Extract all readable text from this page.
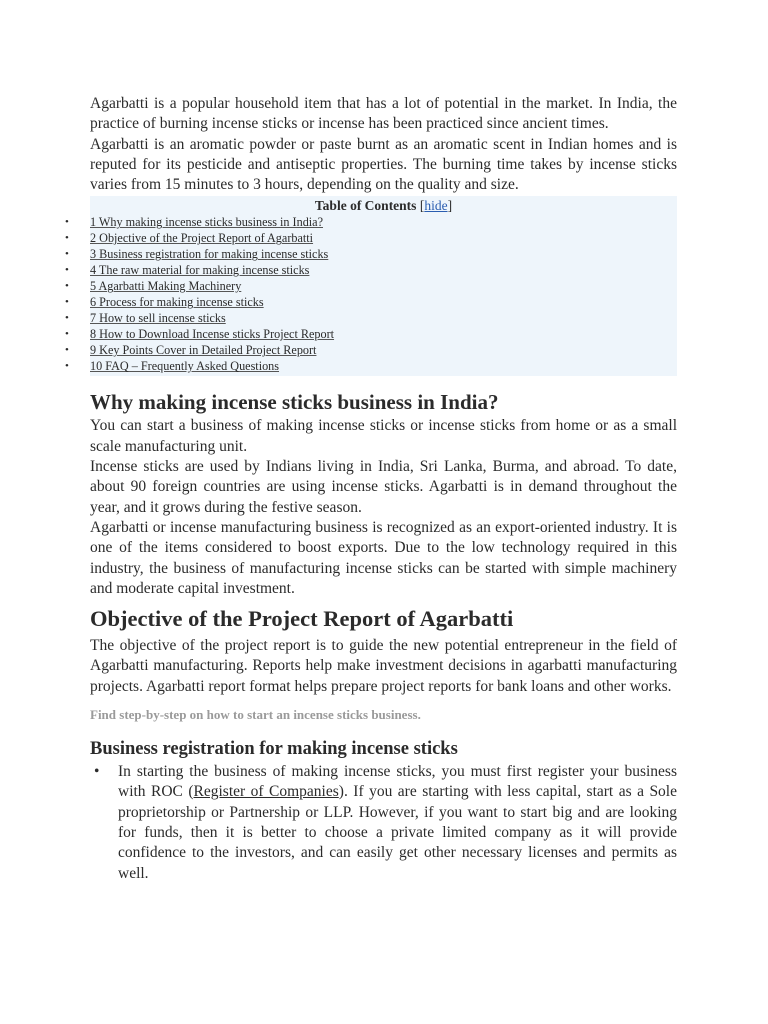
Agarbatti is a popular household item that has a lot of potential in the market. In India, the practice of burning incense sticks or incense has been practiced since ancient times.

Agarbatti is an aromatic powder or paste burnt as an aromatic scent in Indian homes and is reputed for its pesticide and antiseptic properties. The burning time takes by incense sticks varies from 15 minutes to 3 hours, depending on the quality and size.

Table of Contents [hide]
• 1 Why making incense sticks business in India?
• 2 Objective of the Project Report of Agarbatti
• 3 Business registration for making incense sticks
• 4 The raw material for making incense sticks
• 5 Agarbatti Making Machinery
• 6 Process for making incense sticks
• 7 How to sell incense sticks
• 8 How to Download Incense sticks Project Report
• 9 Key Points Cover in Detailed Project Report
• 10 FAQ – Frequently Asked Questions
Why making incense sticks business in India?

You can start a business of making incense sticks or incense sticks from home or as a small scale manufacturing unit.

Incense sticks are used by Indians living in India, Sri Lanka, Burma, and abroad. To date, about 90 foreign countries are using incense sticks. Agarbatti is in demand throughout the year, and it grows during the festive season.

Agarbatti or incense manufacturing business is recognized as an export-oriented industry. It is one of the items considered to boost exports. Due to the low technology required in this industry, the business of manufacturing incense sticks can be started with simple machinery and moderate capital investment.

Objective of the Project Report of Agarbatti

The objective of the project report is to guide the new potential entrepreneur in the field of Agarbatti manufacturing. Reports help make investment decisions in agarbatti manufacturing projects. Agarbatti report format helps prepare project reports for bank loans and other works.

Find step-by-step on how to start an incense sticks business.
Business registration for making incense sticks
• In starting the business of making incense sticks, you must first register your business with ROC (Register of Companies). If you are starting with less capital, start as a Sole proprietorship or Partnership or LLP. However, if you want to start big and are looking for funds, then it is better to choose a private limited company as it will provide confidence to the investors, and can easily get other necessary licenses and permits as well.
